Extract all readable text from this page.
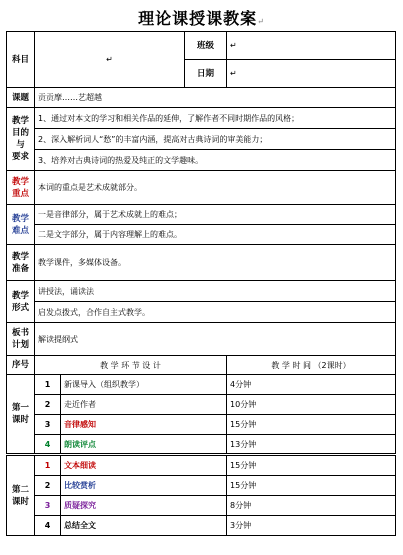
理论课授课教案↵
科目	↵		班级	↵
			日期	↵
课题	贡贡摩……艺超越			

教学
目的
与
要求	1、通过对本文的学习和相关作品的延伸，了解作者不同时期作品的风格；			
	2、深入解析词人“愁”的丰富内涵，提高对古典诗词的审美能力；			
	3、培养对古典诗词的热爱及纯正的文学趣味。			

教学
重点	本词的重点是艺术成就部分。			

教学
难点	一是音律部分，属于艺术成就上的难点；			
	二是文字部分，属于内容理解上的难点。			

教学
准备	教学课件，多媒体设备。			

教学
形式	讲授法，诵读法			
	启发点拨式，合作自主式教学。			

板书
计划	解读提纲式			
序号	教 学 环 节 设 计			教 学 时 间 （2课时）

第一
课时	1	新课导入（组织教学）		4分钟
	2	走近作者		10分钟
	3	音律感知		15分钟
	4	朗读评点		13分钟

第二
课时	1	文本细读		15分钟
	2	比较赏析		15分钟
	3	质疑探究		8分钟
	4	总结全文		3分钟
